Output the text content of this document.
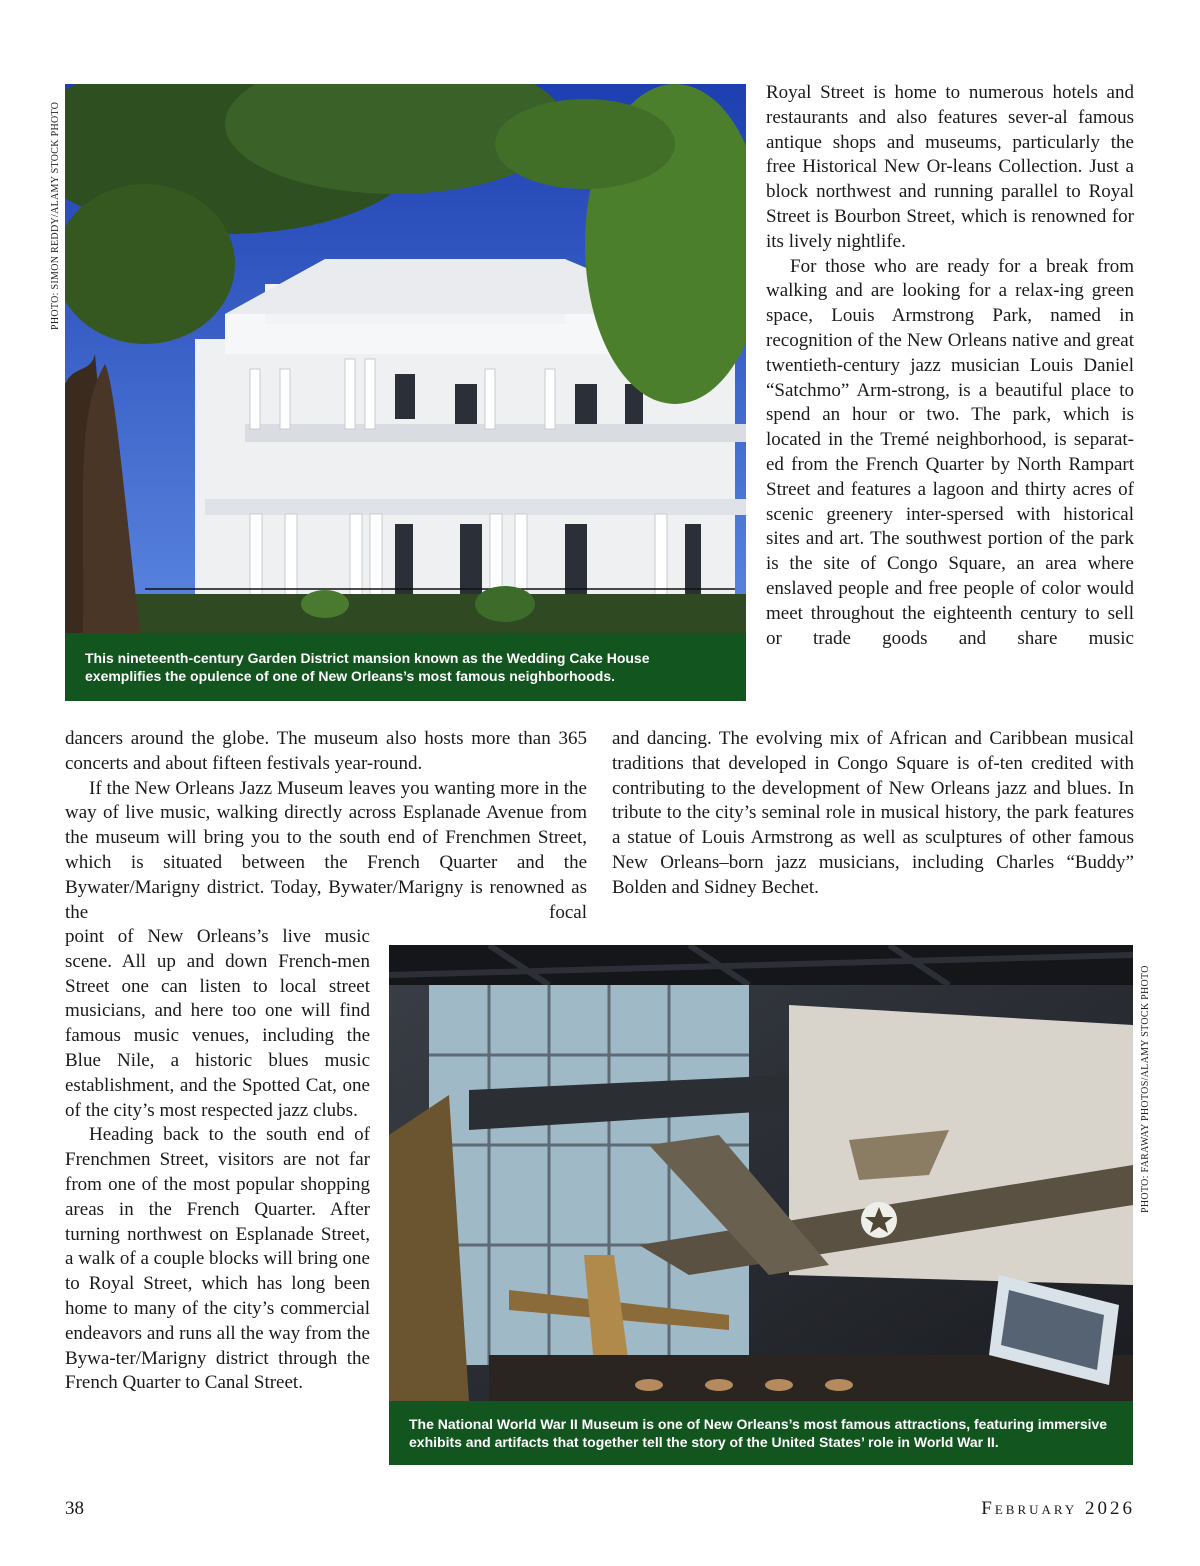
PHOTO: SIMON REDDY/ALAMY STOCK PHOTO
PHOTO: FARAWAY PHOTOS/ALAMY STOCK PHOTO
This nineteenth-century Garden District mansion known as the Wedding Cake House exemplifies the opulence of one of New Orleans’s most famous neighborhoods.

Royal Street is home to numerous hotels and restaurants and also features sever-al famous antique shops and museums, particularly the free Historical New Or-leans Collection. Just a block northwest and running parallel to Royal Street is Bourbon Street, which is renowned for its lively nightlife.

For those who are ready for a break from walking and are looking for a relax-ing green space, Louis Armstrong Park, named in recognition of the New Orleans native and great twentieth-century jazz musician Louis Daniel “Satchmo” Arm-strong, is a beautiful place to spend an hour or two. The park, which is located in the Tremé neighborhood, is separat-ed from the French Quarter by North Rampart Street and features a lagoon and thirty acres of scenic greenery inter-spersed with historical sites and art. The southwest portion of the park is the site of Congo Square, an area where enslaved people and free people of color would meet throughout the eighteenth century to sell or trade goods and share music

dancers around the globe. The museum also hosts more than 365 concerts and about fifteen festivals year-round.

If the New Orleans Jazz Museum leaves you wanting more in the way of live music, walking directly across Esplanade Avenue from the museum will bring you to the south end of Frenchmen Street, which is situated between the French Quarter and the Bywater/Marigny district. Today, Bywater/Marigny is renowned as the focal

and dancing. The evolving mix of African and Caribbean musical traditions that developed in Congo Square is of-ten credited with contributing to the development of New Orleans jazz and blues. In tribute to the city’s seminal role in musical history, the park features a statue of Louis Armstrong as well as sculptures of other famous New Orleans–born jazz musicians, including Charles “Buddy” Bolden and Sidney Bechet.

point of New Orleans’s live music scene. All up and down French-men Street one can listen to local street musicians, and here too one will find famous music venues, including the Blue Nile, a historic blues music establishment, and the Spotted Cat, one of the city’s most respected jazz clubs.

Heading back to the south end of Frenchmen Street, visitors are not far from one of the most popular shopping areas in the French Quarter. After turning northwest on Esplanade Street, a walk of a couple blocks will bring one to Royal Street, which has long been home to many of the city’s commercial endeavors and runs all the way from the Bywa-ter/Marigny district through the French Quarter to Canal Street.

The National World War II Museum is one of New Orleans’s most famous attractions, featuring immersive exhibits and artifacts that together tell the story of the United States’ role in World War II.
38	February 2026
